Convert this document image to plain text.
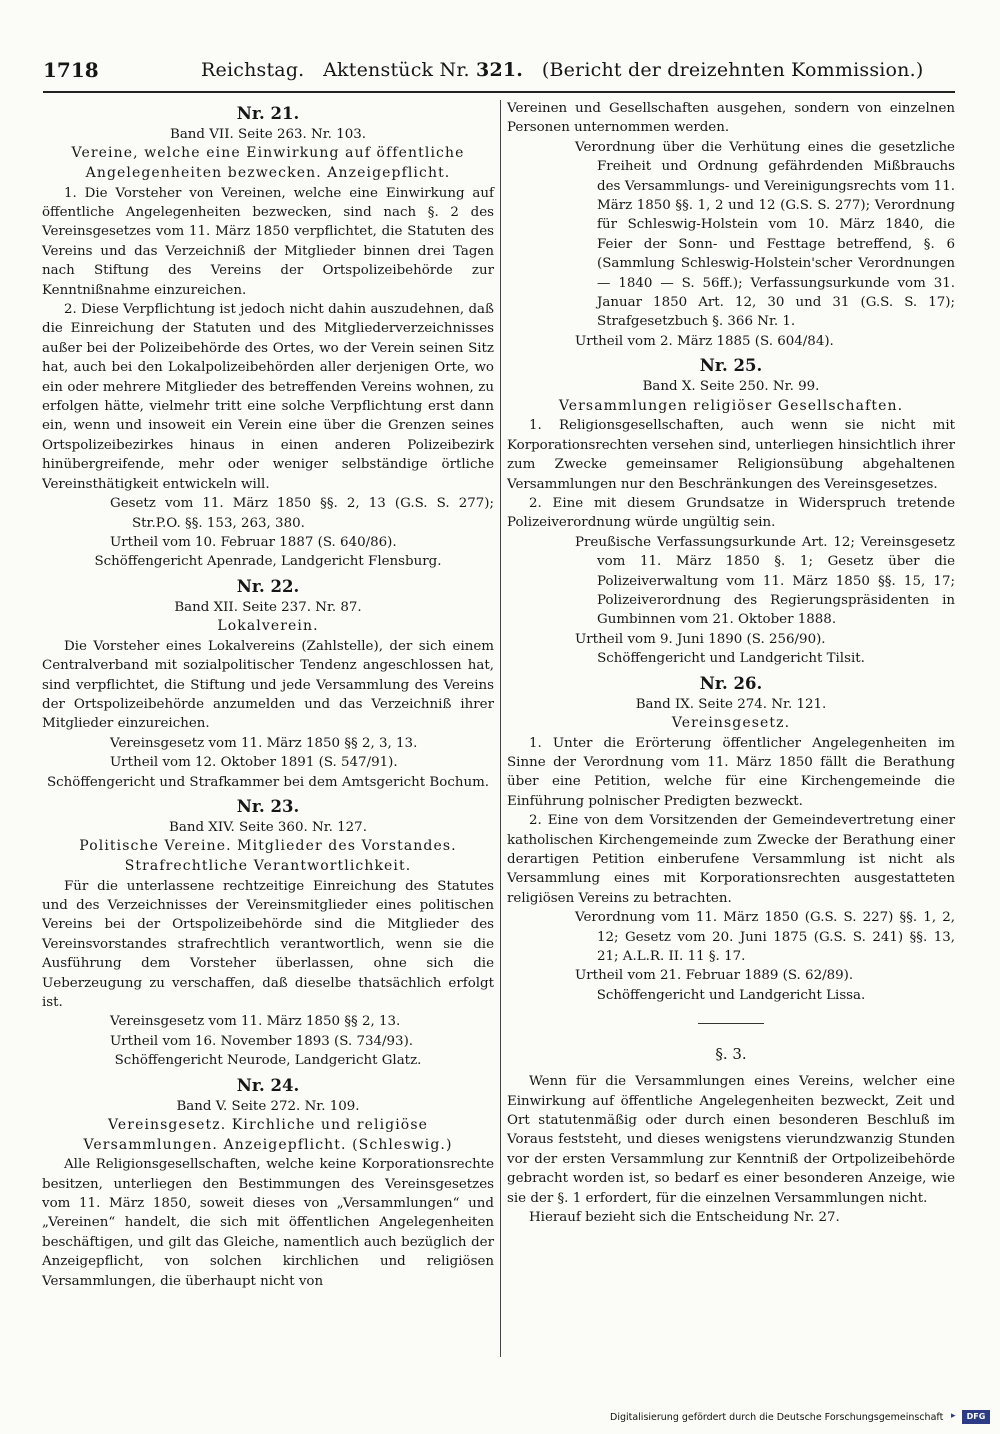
1718	Reichstag. Aktenstück Nr. 321. (Bericht der dreizehnten Kommission.)
Nr. 21.
Band VII. Seite 263. Nr. 103.
Vereine, welche eine Einwirkung auf öffentliche Angelegenheiten bezwecken. Anzeigepflicht.

1. Die Vorsteher von Vereinen, welche eine Einwirkung auf öffentliche Angelegenheiten bezwecken, sind nach §. 2 des Vereinsgesetzes vom 11. März 1850 verpflichtet, die Statuten des Vereins und das Verzeichniß der Mitglieder binnen drei Tagen nach Stiftung des Vereins der Ortspolizeibehörde zur Kenntnißnahme einzureichen.

2. Diese Verpflichtung ist jedoch nicht dahin auszudehnen, daß die Einreichung der Statuten und des Mitgliederverzeichnisses außer bei der Polizeibehörde des Ortes, wo der Verein seinen Sitz hat, auch bei den Lokalpolizeibehörden aller derjenigen Orte, wo ein oder mehrere Mitglieder des betreffenden Vereins wohnen, zu erfolgen hätte, vielmehr tritt eine solche Verpflichtung erst dann ein, wenn und insoweit ein Verein eine über die Grenzen seines Ortspolizeibezirkes hinaus in einen anderen Polizeibezirk hinübergreifende, mehr oder weniger selbständige örtliche Vereinsthätigkeit entwickeln will.

Gesetz vom 11. März 1850 §§. 2, 13 (G.S. S. 277); Str.P.O. §§. 153, 263, 380.

Urtheil vom 10. Februar 1887 (S. 640/86).

Schöffengericht Apenrade, Landgericht Flensburg.

Nr. 22.
Band XII. Seite 237. Nr. 87.
Lokalverein.

Die Vorsteher eines Lokalvereins (Zahlstelle), der sich einem Centralverband mit sozialpolitischer Tendenz angeschlossen hat, sind verpflichtet, die Stiftung und jede Versammlung des Vereins der Ortspolizeibehörde anzumelden und das Verzeichniß ihrer Mitglieder einzureichen.

Vereinsgesetz vom 11. März 1850 §§ 2, 3, 13.

Urtheil vom 12. Oktober 1891 (S. 547/91).

Schöffengericht und Strafkammer bei dem Amtsgericht Bochum.

Nr. 23.
Band XIV. Seite 360. Nr. 127.
Politische Vereine. Mitglieder des Vorstandes. Strafrechtliche Verantwortlichkeit.

Für die unterlassene rechtzeitige Einreichung des Statutes und des Verzeichnisses der Vereinsmitglieder eines politischen Vereins bei der Ortspolizeibehörde sind die Mitglieder des Vereinsvorstandes strafrechtlich verantwortlich, wenn sie die Ausführung dem Vorsteher überlassen, ohne sich die Ueberzeugung zu verschaffen, daß dieselbe thatsächlich erfolgt ist.

Vereinsgesetz vom 11. März 1850 §§ 2, 13.

Urtheil vom 16. November 1893 (S. 734/93).

Schöffengericht Neurode, Landgericht Glatz.

Nr. 24.
Band V. Seite 272. Nr. 109.
Vereinsgesetz. Kirchliche und religiöse Versammlungen. Anzeigepflicht. (Schleswig.)

Alle Religionsgesellschaften, welche keine Korporationsrechte besitzen, unterliegen den Bestimmungen des Vereinsgesetzes vom 11. März 1850, soweit dieses von „Versammlungen“ und „Vereinen“ handelt, die sich mit öffentlichen Angelegenheiten beschäftigen, und gilt das Gleiche, namentlich auch bezüglich der Anzeigepflicht, von solchen kirchlichen und religiösen Versammlungen, die überhaupt nicht von

Vereinen und Gesellschaften ausgehen, sondern von einzelnen Personen unternommen werden.

Verordnung über die Verhütung eines die gesetzliche Freiheit und Ordnung gefährdenden Mißbrauchs des Versammlungs- und Vereinigungsrechts vom 11. März 1850 §§. 1, 2 und 12 (G.S. S. 277); Verordnung für Schleswig-Holstein vom 10. März 1840, die Feier der Sonn- und Festtage betreffend, §. 6 (Sammlung Schleswig-Holstein'scher Verordnungen — 1840 — S. 56ff.); Verfassungsurkunde vom 31. Januar 1850 Art. 12, 30 und 31 (G.S. S. 17); Strafgesetzbuch §. 366 Nr. 1.

Urtheil vom 2. März 1885 (S. 604/84).

Nr. 25.
Band X. Seite 250. Nr. 99.
Versammlungen religiöser Gesellschaften.

1. Religionsgesellschaften, auch wenn sie nicht mit Korporationsrechten versehen sind, unterliegen hinsichtlich ihrer zum Zwecke gemeinsamer Religionsübung abgehaltenen Versammlungen nur den Beschränkungen des Vereinsgesetzes.

2. Eine mit diesem Grundsatze in Widerspruch tretende Polizeiverordnung würde ungültig sein.

Preußische Verfassungsurkunde Art. 12; Vereinsgesetz vom 11. März 1850 §. 1; Gesetz über die Polizeiverwaltung vom 11. März 1850 §§. 15, 17; Polizeiverordnung des Regierungspräsidenten in Gumbinnen vom 21. Oktober 1888.

Urtheil vom 9. Juni 1890 (S. 256/90).

Schöffengericht und Landgericht Tilsit.

Nr. 26.
Band IX. Seite 274. Nr. 121.
Vereinsgesetz.

1. Unter die Erörterung öffentlicher Angelegenheiten im Sinne der Verordnung vom 11. März 1850 fällt die Berathung über eine Petition, welche für eine Kirchengemeinde die Einführung polnischer Predigten bezweckt.

2. Eine von dem Vorsitzenden der Gemeindevertretung einer katholischen Kirchengemeinde zum Zwecke der Berathung einer derartigen Petition einberufene Versammlung ist nicht als Versammlung eines mit Korporationsrechten ausgestatteten religiösen Vereins zu betrachten.

Verordnung vom 11. März 1850 (G.S. S. 227) §§. 1, 2, 12; Gesetz vom 20. Juni 1875 (G.S. S. 241) §§. 13, 21; A.L.R. II. 11 §. 17.

Urtheil vom 21. Februar 1889 (S. 62/89).

Schöffengericht und Landgericht Lissa.

§. 3.

Wenn für die Versammlungen eines Vereins, welcher eine Einwirkung auf öffentliche Angelegenheiten bezweckt, Zeit und Ort statutenmäßig oder durch einen besonderen Beschluß im Voraus feststeht, und dieses wenigstens vierundzwanzig Stunden vor der ersten Versammlung zur Kenntniß der Ortpolizeibehörde gebracht worden ist, so bedarf es einer besonderen Anzeige, wie sie der §. 1 erfordert, für die einzelnen Versammlungen nicht.

Hierauf bezieht sich die Entscheidung Nr. 27.

Digitalisierung gefördert durch die Deutsche Forschungsgemeinschaft ▸	DFG
